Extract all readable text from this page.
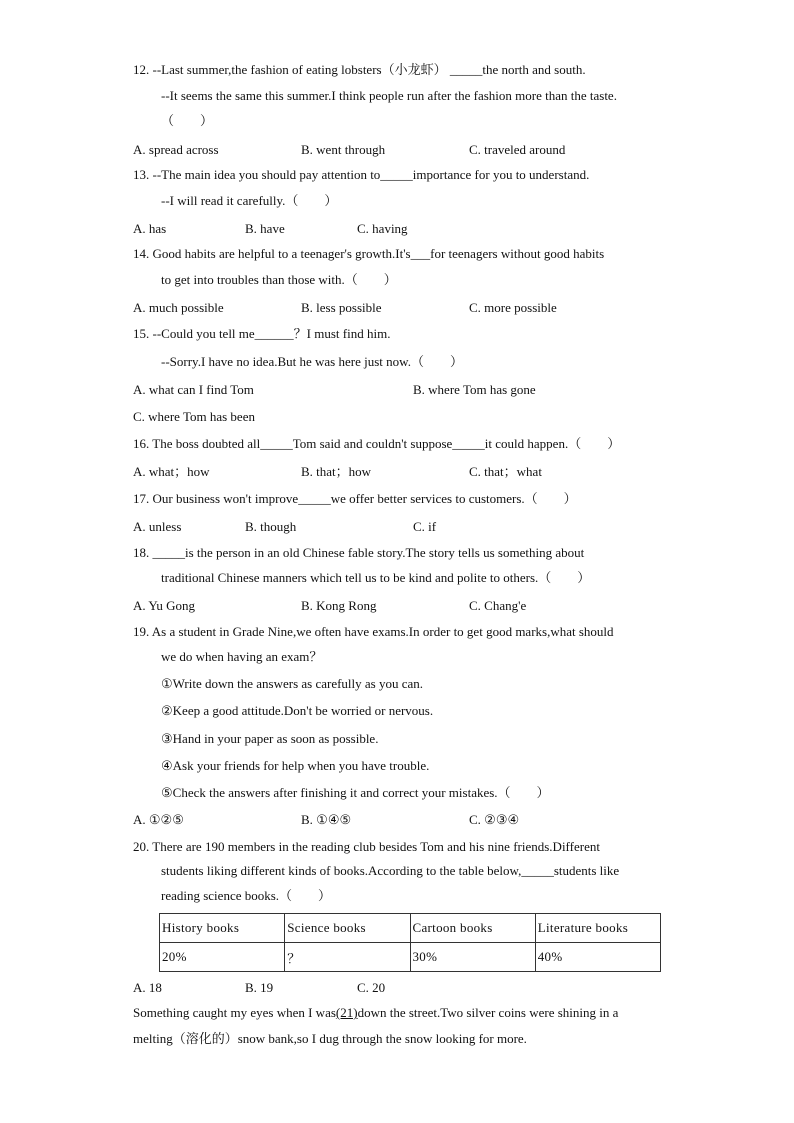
12. --Last summer,the fashion of eating lobsters（小龙虾） _____the north and south.
--It seems the same this summer.I think people run after the fashion more than the taste.
（　　）
A. spread across	B. went through	C. traveled around
13. --The main idea you should pay attention to_____importance for you to understand.
--I will read it carefully.（　　）
A. has	B. have	C. having
14. Good habits are helpful to a teenager's growth.It's___for teenagers without good habits
to get into troubles than those with.（　　）
A. much possible	B. less possible	C. more possible
15. --Could you tell me______？I must find him.
--Sorry.I have no idea.But he was here just now.（　　）
A. what can I find Tom	B. where Tom has gone
C. where Tom has been
16. The boss doubted all_____Tom said and couldn't suppose_____it could happen.（　　）
A. what；how	B. that；how	C. that；what
17. Our business won't improve_____we offer better services to customers.（　　）
A. unless	B. though	C. if
18. _____is the person in an old Chinese fable story.The story tells us something about
traditional Chinese manners which tell us to be kind and polite to others.（　　）
A. Yu Gong	B. Kong Rong	C. Chang'e
19. As a student in Grade Nine,we often have exams.In order to get good marks,what should
we do when having an exam？
①Write down the answers as carefully as you can.
②Keep a good attitude.Don't be worried or nervous.
③Hand in your paper as soon as possible.
④Ask your friends for help when you have trouble.
⑤Check the answers after finishing it and correct your mistakes.（　　）
A. ①②⑤	B. ①④⑤	C. ②③④
20. There are 190 members in the reading club besides Tom and his nine friends.Different
students liking different kinds of books.According to the table below,_____students like
reading science books.（　　）
History books	Science books	Cartoon books	Literature books
20%	？	30%	40%
A. 18	B. 19	C. 20
Something caught my eyes when I was(21)down the street.Two silver coins were shining in a
melting（溶化的）snow bank,so I dug through the snow looking for more.
